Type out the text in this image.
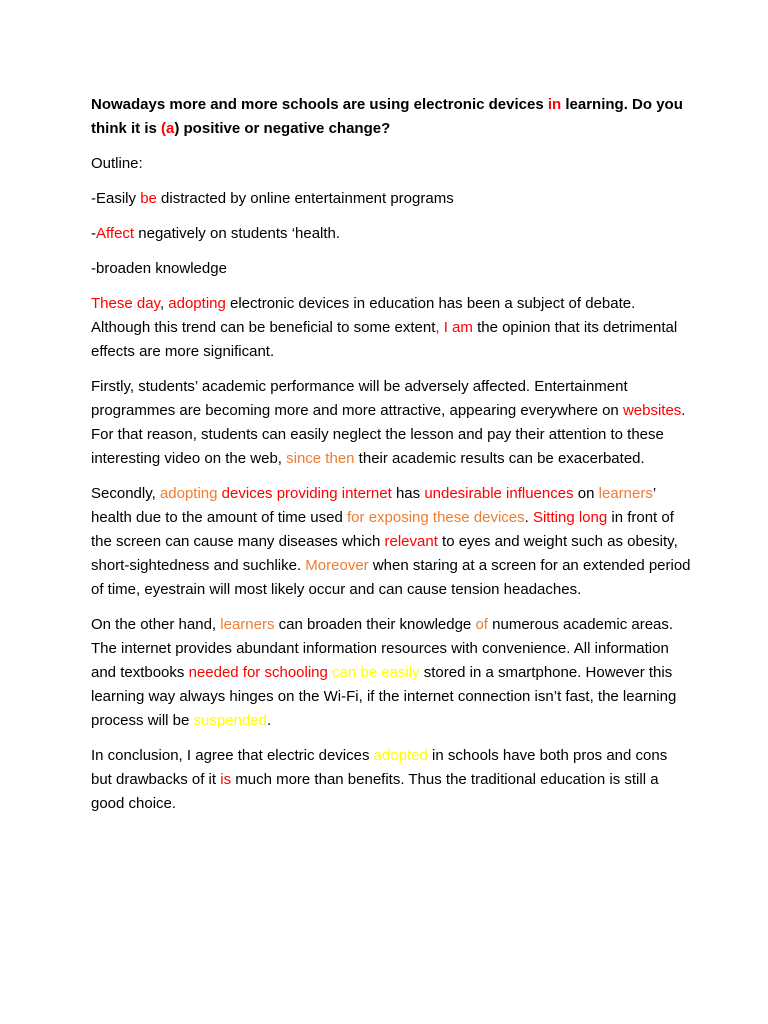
Nowadays more and more schools are using electronic devices in learning. Do you think it is (a) positive or negative change?

Outline:

-Easily be distracted by online entertainment programs

-Affect negatively on students ‘health.

-broaden knowledge

These day, adopting electronic devices in education has been a subject of debate. Although this trend can be beneficial to some extent, I am the opinion that its detrimental effects are more significant.

Firstly, students’ academic performance will be adversely affected. Entertainment programmes are becoming more and more attractive, appearing everywhere on websites. For that reason, students can easily neglect the lesson and pay their attention to these interesting video on the web, since then their academic results can be exacerbated.

Secondly, adopting devices providing internet has undesirable influences on learners’ health due to the amount of time used for exposing these devices. Sitting long in front of the screen can cause many diseases which relevant to eyes and weight such as obesity, short-sightedness and suchlike. Moreover when staring at a screen for an extended period of time, eyestrain will most likely occur and can cause tension headaches.

On the other hand, learners can broaden their knowledge of numerous academic areas. The internet provides abundant information resources with convenience. All information and textbooks needed for schooling can be easily stored in a smartphone. However this learning way always hinges on the Wi-Fi, if the internet connection isn’t fast, the learning process will be suspended.

In conclusion, I agree that electric devices adopted in schools have both pros and cons but drawbacks of it is much more than benefits. Thus the traditional education is still a good choice.
